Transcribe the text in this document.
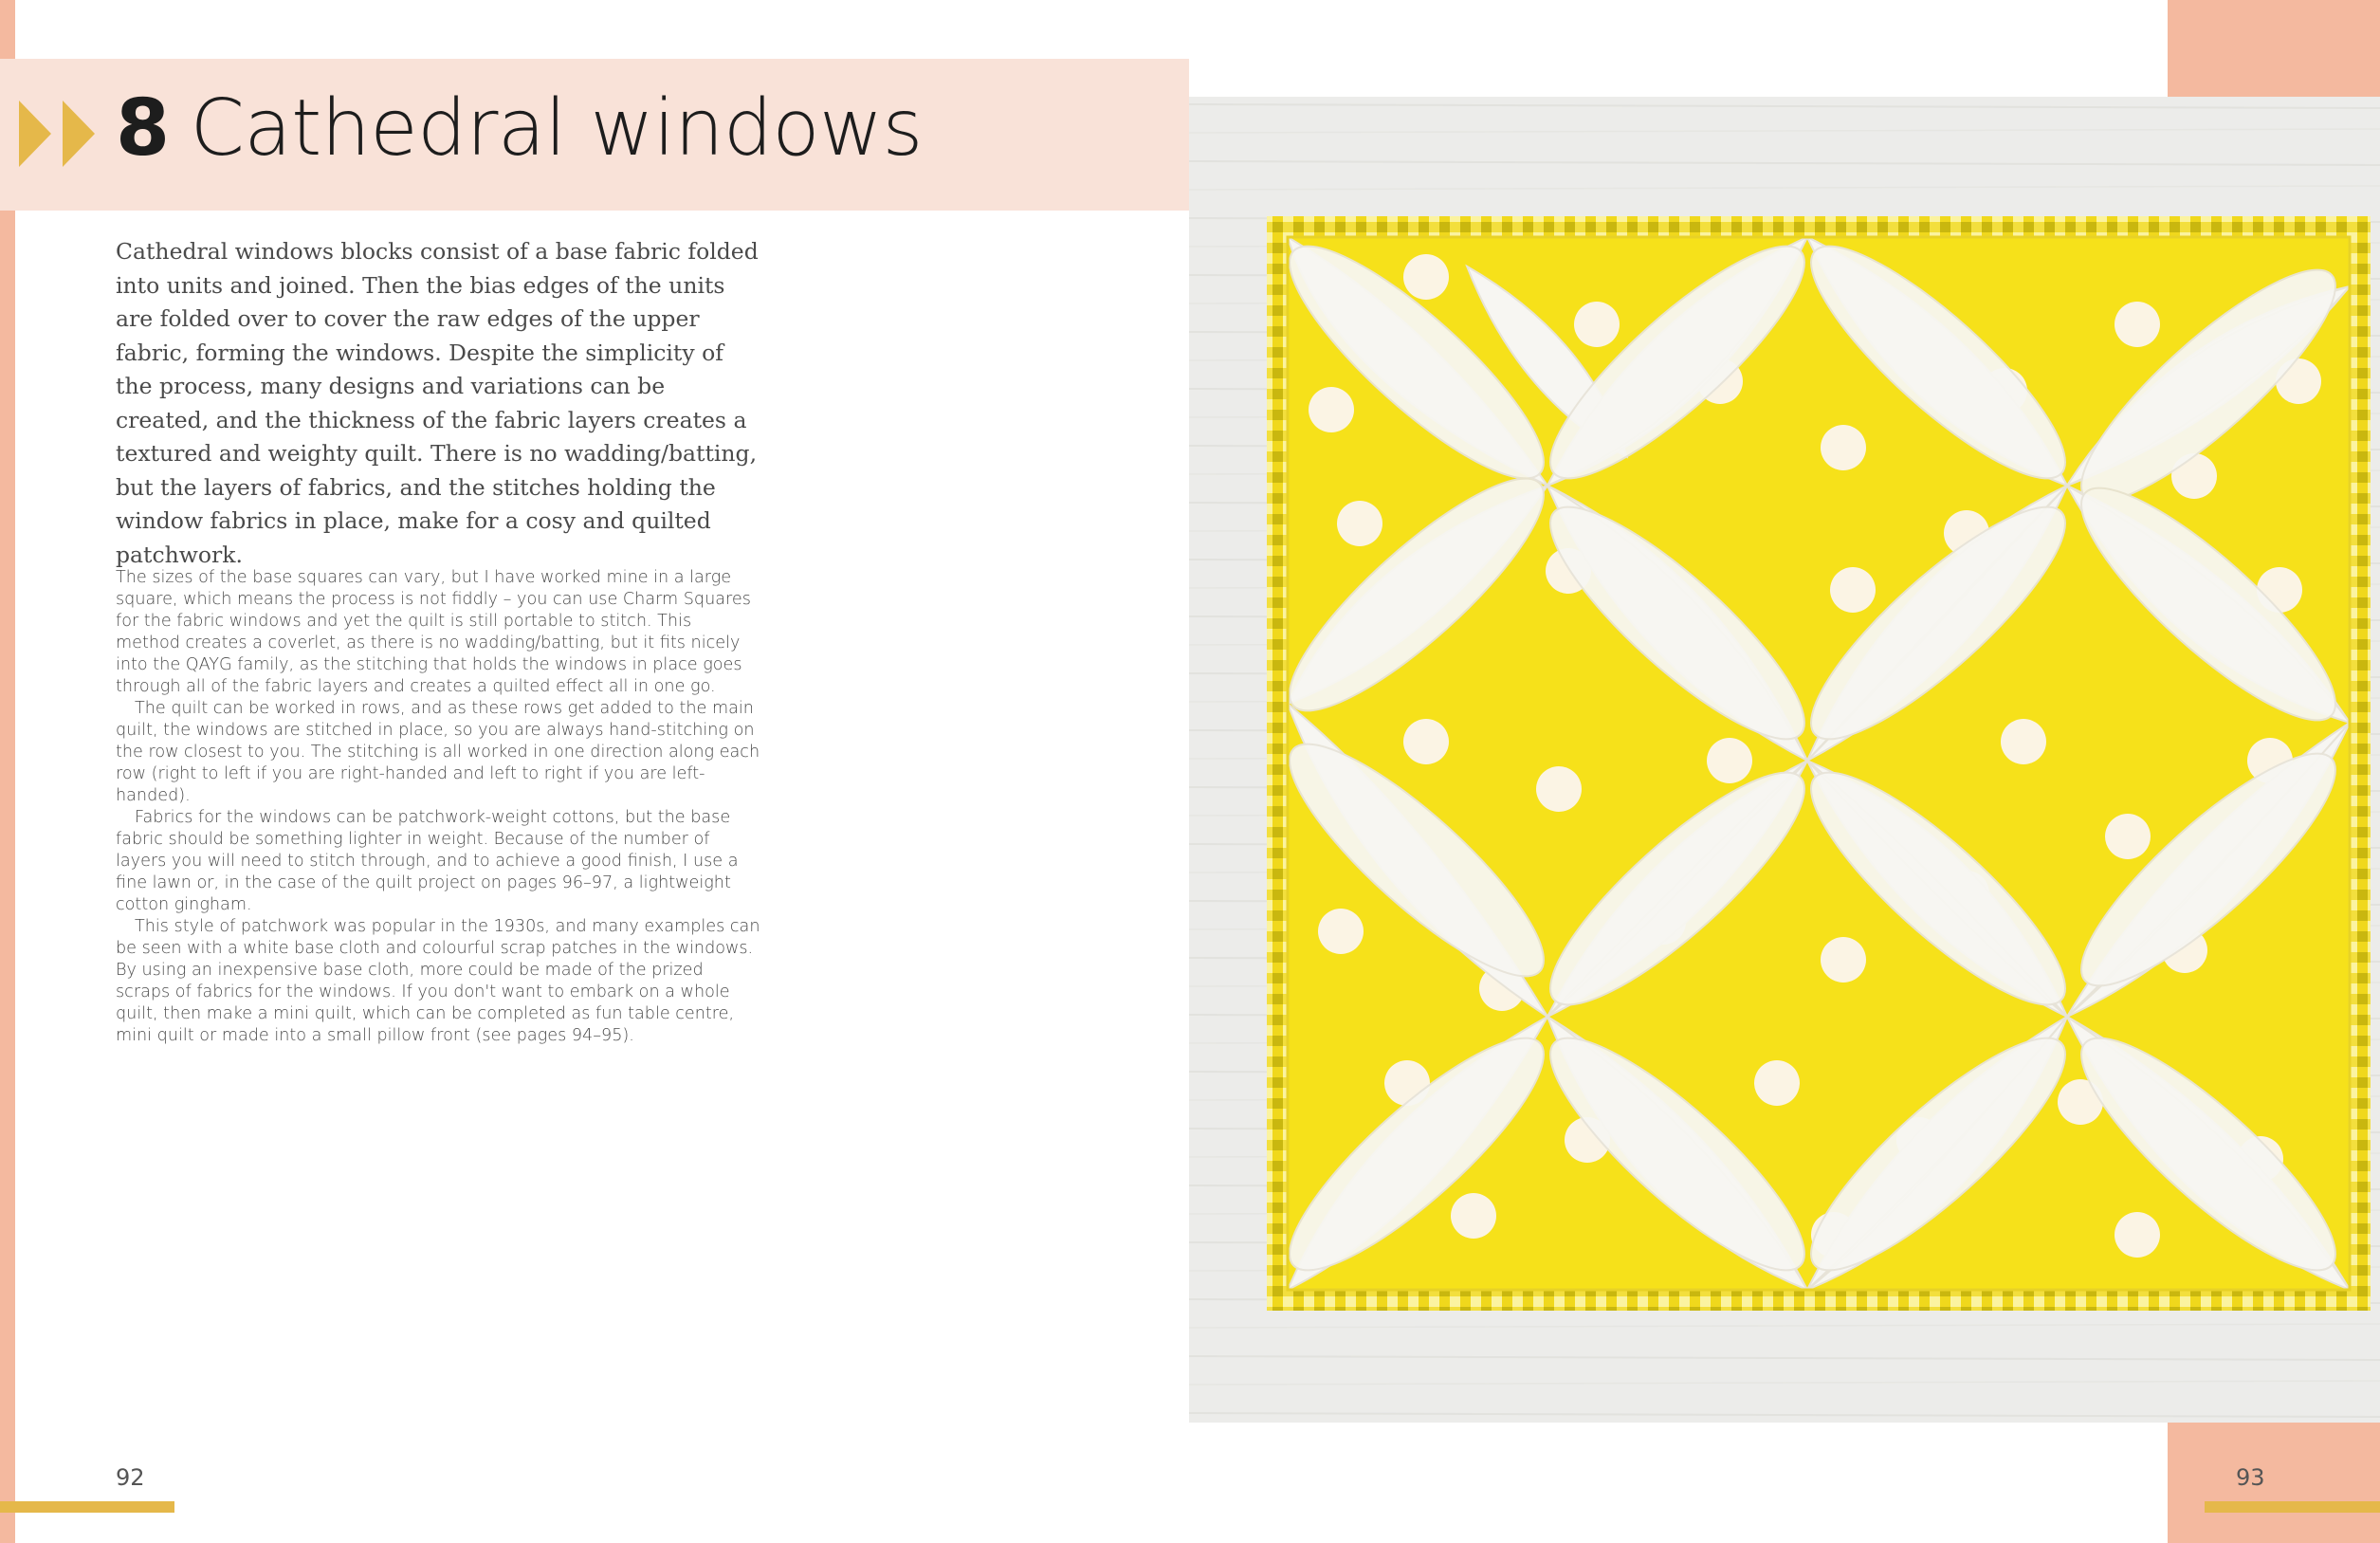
8 Cathedral windows

Cathedral windows blocks consist of a base fabric folded into units and joined. Then the bias edges of the units are folded over to cover the raw edges of the upper fabric, forming the windows. Despite the simplicity of the process, many designs and variations can be created, and the thickness of the fabric layers creates a textured and weighty quilt. There is no wadding/batting, but the layers of fabrics, and the stitches holding the window fabrics in place, make for a cosy and quilted patchwork.

The sizes of the base squares can vary, but I have worked mine in a large square, which means the process is not fiddly – you can use Charm Squares for the fabric windows and yet the quilt is still portable to stitch. This method creates a coverlet, as there is no wadding/batting, but it fits nicely into the QAYG family, as the stitching that holds the windows in place goes through all of the fabric layers and creates a quilted effect all in one go.

The quilt can be worked in rows, and as these rows get added to the main quilt, the windows are stitched in place, so you are always hand-stitching on the row closest to you. The stitching is all worked in one direction along each row (right to left if you are right-handed and left to right if you are left-handed).

Fabrics for the windows can be patchwork-weight cottons, but the base fabric should be something lighter in weight. Because of the number of layers you will need to stitch through, and to achieve a good finish, I use a fine lawn or, in the case of the quilt project on pages 96–97, a lightweight cotton gingham.

This style of patchwork was popular in the 1930s, and many examples can be seen with a white base cloth and colourful scrap patches in the windows. By using an inexpensive base cloth, more could be made of the prized scraps of fabrics for the windows. If you don't want to embark on a whole quilt, then make a mini quilt, which can be completed as fun table centre, mini quilt or made into a small pillow front (see pages 94–95).

92	93
